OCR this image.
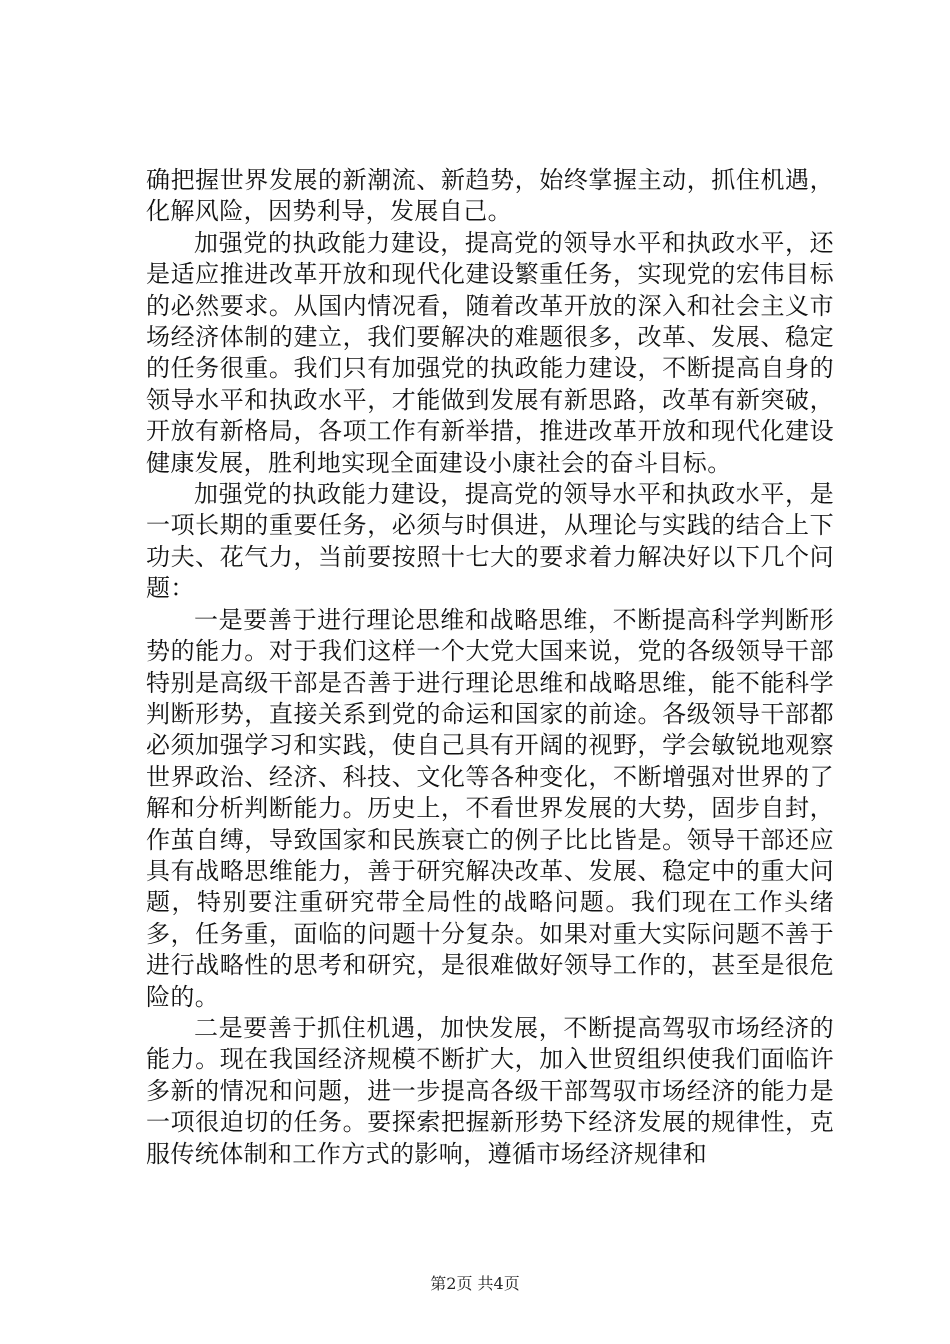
确把握世界发展的新潮流、新趋势，始终掌握主动，抓住机遇，化解风险，因势利导，发展自己。

加强党的执政能力建设，提高党的领导水平和执政水平，还是适应推进改革开放和现代化建设繁重任务，实现党的宏伟目标的必然要求。从国内情况看，随着改革开放的深入和社会主义市场经济体制的建立，我们要解决的难题很多，改革、发展、稳定的任务很重。我们只有加强党的执政能力建设，不断提高自身的领导水平和执政水平，才能做到发展有新思路，改革有新突破，开放有新格局，各项工作有新举措，推进改革开放和现代化建设健康发展，胜利地实现全面建设小康社会的奋斗目标。

加强党的执政能力建设，提高党的领导水平和执政水平，是一项长期的重要任务，必须与时俱进，从理论与实践的结合上下功夫、花气力，当前要按照十七大的要求着力解决好以下几个问题：

一是要善于进行理论思维和战略思维，不断提高科学判断形势的能力。对于我们这样一个大党大国来说，党的各级领导干部特别是高级干部是否善于进行理论思维和战略思维，能不能科学判断形势，直接关系到党的命运和国家的前途。各级领导干部都必须加强学习和实践，使自己具有开阔的视野，学会敏锐地观察世界政治、经济、科技、文化等各种变化，不断增强对世界的了解和分析判断能力。历史上，不看世界发展的大势，固步自封，作茧自缚，导致国家和民族衰亡的例子比比皆是。领导干部还应具有战略思维能力，善于研究解决改革、发展、稳定中的重大问题，特别要注重研究带全局性的战略问题。我们现在工作头绪多，任务重，面临的问题十分复杂。如果对重大实际问题不善于进行战略性的思考和研究，是很难做好领导工作的，甚至是很危险的。

二是要善于抓住机遇，加快发展，不断提高驾驭市场经济的能力。现在我国经济规模不断扩大，加入世贸组织使我们面临许多新的情况和问题，进一步提高各级干部驾驭市场经济的能力是一项很迫切的任务。要探索把握新形势下经济发展的规律性，克服传统体制和工作方式的影响，遵循市场经济规律和

第2页 共4页
